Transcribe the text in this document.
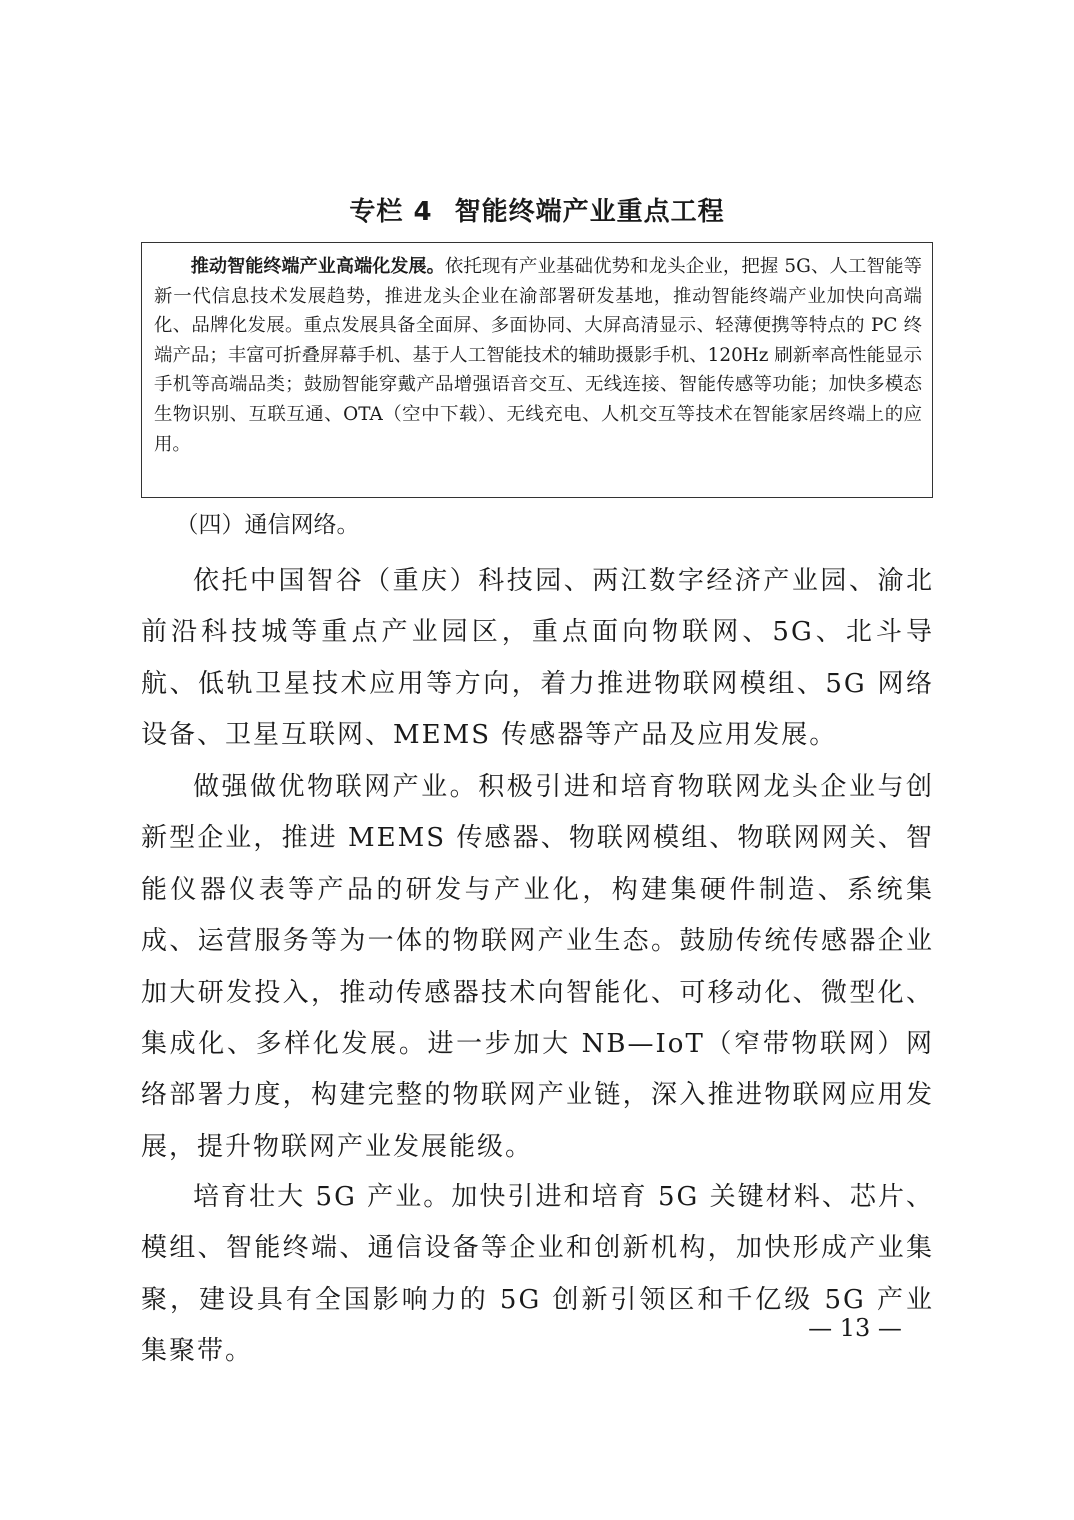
专栏 4 智能终端产业重点工程

推动智能终端产业高端化发展。依托现有产业基础优势和龙头企业，把握 5G、人工智能等新一代信息技术发展趋势，推进龙头企业在渝部署研发基地，推动智能终端产业加快向高端化、品牌化发展。重点发展具备全面屏、多面协同、大屏高清显示、轻薄便携等特点的 PC 终端产品；丰富可折叠屏幕手机、基于人工智能技术的辅助摄影手机、120Hz 刷新率高性能显示手机等高端品类；鼓励智能穿戴产品增强语音交互、无线连接、智能传感等功能；加快多模态生物识别、互联互通、OTA（空中下载）、无线充电、人机交互等技术在智能家居终端上的应用。

（四）通信网络。

依托中国智谷（重庆）科技园、两江数字经济产业园、渝北前沿科技城等重点产业园区，重点面向物联网、5G、北斗导航、低轨卫星技术应用等方向，着力推进物联网模组、5G 网络设备、卫星互联网、MEMS 传感器等产品及应用发展。

做强做优物联网产业。积极引进和培育物联网龙头企业与创新型企业，推进 MEMS 传感器、物联网模组、物联网网关、智能仪器仪表等产品的研发与产业化，构建集硬件制造、系统集成、运营服务等为一体的物联网产业生态。鼓励传统传感器企业加大研发投入，推动传感器技术向智能化、可移动化、微型化、集成化、多样化发展。进一步加大 NB—IoT（窄带物联网）网络部署力度，构建完整的物联网产业链，深入推进物联网应用发展，提升物联网产业发展能级。

培育壮大 5G 产业。加快引进和培育 5G 关键材料、芯片、模组、智能终端、通信设备等企业和创新机构，加快形成产业集聚，建设具有全国影响力的 5G 创新引领区和千亿级 5G 产业集聚带。

— 13 —
